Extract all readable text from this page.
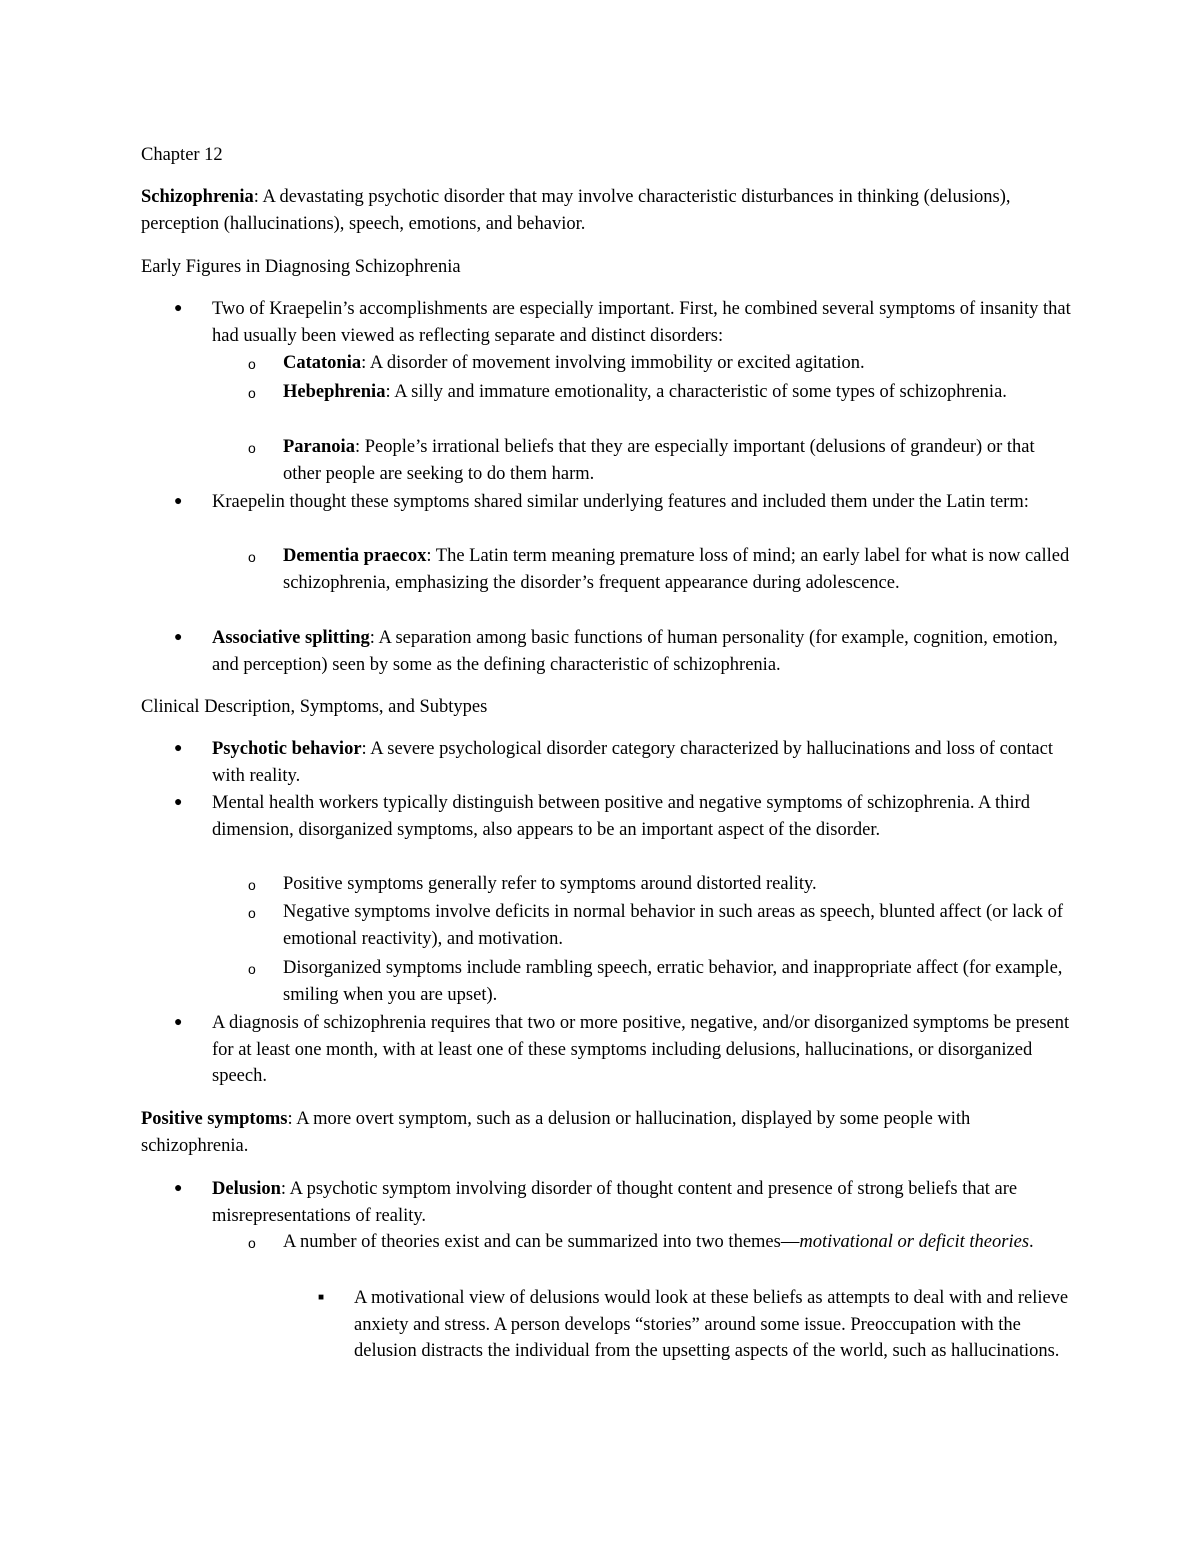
Chapter 12

Schizophrenia: A devastating psychotic disorder that may involve characteristic disturbances in thinking (delusions), perception (hallucinations), speech, emotions, and behavior.

Early Figures in Diagnosing Schizophrenia

● Two of Kraepelin’s accomplishments are especially important. First, he combined several symptoms of insanity that had usually been viewed as reflecting separate and distinct disorders:
o Catatonia: A disorder of movement involving immobility or excited agitation.
o Hebephrenia: A silly and immature emotionality, a characteristic of some types of schizophrenia.
o Paranoia: People’s irrational beliefs that they are especially important (delusions of grandeur) or that other people are seeking to do them harm.
● Kraepelin thought these symptoms shared similar underlying features and included them under the Latin term:
o Dementia praecox: The Latin term meaning premature loss of mind; an early label for what is now called schizophrenia, emphasizing the disorder’s frequent appearance during adolescence.
● Associative splitting: A separation among basic functions of human personality (for example, cognition, emotion, and perception) seen by some as the defining characteristic of schizophrenia.

Clinical Description, Symptoms, and Subtypes

● Psychotic behavior: A severe psychological disorder category characterized by hallucinations and loss of contact with reality.
● Mental health workers typically distinguish between positive and negative symptoms of schizophrenia. A third dimension, disorganized symptoms, also appears to be an important aspect of the disorder.
o Positive symptoms generally refer to symptoms around distorted reality.
o Negative symptoms involve deficits in normal behavior in such areas as speech, blunted affect (or lack of emotional reactivity), and motivation.
o Disorganized symptoms include rambling speech, erratic behavior, and inappropriate affect (for example, smiling when you are upset).
● A diagnosis of schizophrenia requires that two or more positive, negative, and/or disorganized symptoms be present for at least one month, with at least one of these symptoms including delusions, hallucinations, or disorganized speech.

Positive symptoms: A more overt symptom, such as a delusion or hallucination, displayed by some people with schizophrenia.

● Delusion: A psychotic symptom involving disorder of thought content and presence of strong beliefs that are misrepresentations of reality.
o A number of theories exist and can be summarized into two themes—motivational or deficit theories.
■ A motivational view of delusions would look at these beliefs as attempts to deal with and relieve anxiety and stress. A person develops “stories” around some issue. Preoccupation with the delusion distracts the individual from the upsetting aspects of the world, such as hallucinations.
